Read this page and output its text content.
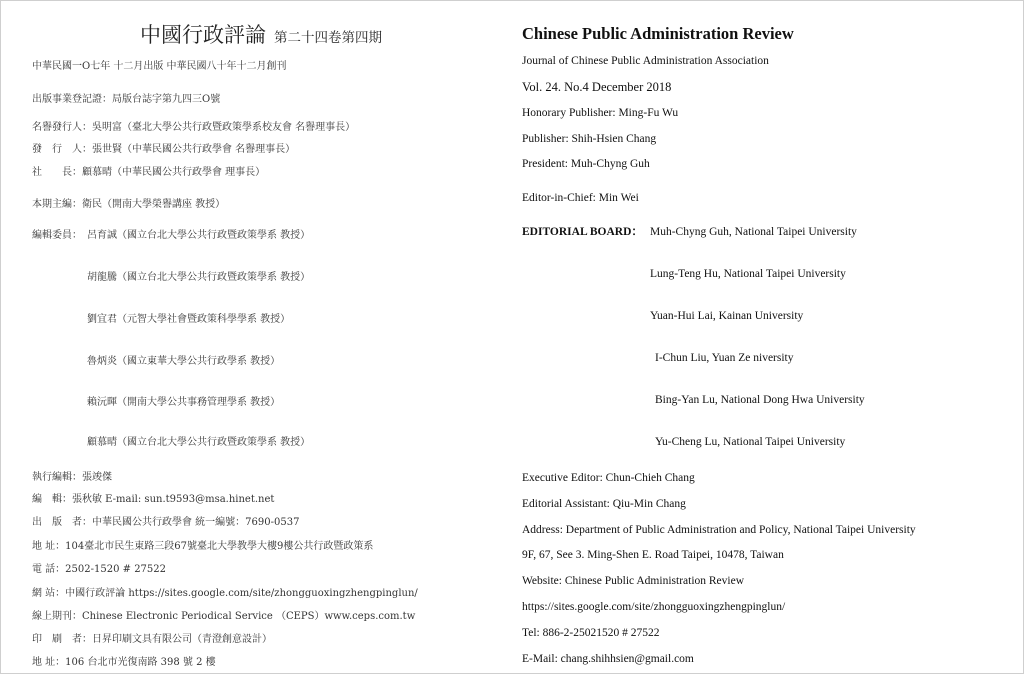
中國行政評論 第二十四卷第四期
中華民國一O七年 十二月出版 中華民國八十年十二月創刊
出版事業登記證：局版台誌字第九四三O號
名譽發行人：吳明富（臺北大學公共行政暨政策學系校友會 名譽理事長）
發　行　人：張世賢（中華民國公共行政學會 名譽理事長）
社　　長：顧慕晴（中華民國公共行政學會 理事長）
本期主編：衛民（開南大學榮譽講座 教授）
編輯委員： 呂育誠（國立台北大學公共行政暨政策學系 教授）
胡龍騰（國立台北大學公共行政暨政策學系 教授）
劉宜君（元智大學社會暨政策科學學系 教授）
魯炳炎（國立東華大學公共行政學系 教授）
賴沅暉（開南大學公共事務管理學系 教授）
顧慕晴（國立台北大學公共行政暨政策學系 教授）
執行編輯：張竣傑
編　輯：張秋敏 E-mail: sun.t9593@msa.hinet.net
出　版　者：中華民國公共行政學會 統一編號：7690-0537
地 址：104臺北市民生東路三段67號臺北大學教學大樓9樓公共行政暨政策系
電 話：2502-1520 # 27522
網 站：中國行政評論 https://sites.google.com/site/zhongguoxingzhengpinglun/
線上期刊：Chinese Electronic Periodical Service （CEPS）www.ceps.com.tw
印　刷　者：日昇印刷文具有限公司（青澄創意設計）
地 址：106 台北市光復南路 398 號 2 樓
Chinese Public Administration Review
Journal of Chinese Public Administration Association
Vol. 24. No.4 December 2018
Honorary Publisher: Ming-Fu Wu
Publisher: Shih-Hsien Chang
President: Muh-Chyng Guh
Editor-in-Chief: Min Wei
EDITORIAL BOARD： Muh-Chyng Guh, National Taipei University
Lung-Teng Hu, National Taipei University
Yuan-Hui Lai, Kainan University
I-Chun Liu, Yuan Ze niversity
Bing-Yan Lu, National Dong Hwa University
Yu-Cheng Lu, National Taipei University
Executive Editor: Chun-Chieh Chang
Editorial Assistant: Qiu-Min Chang
Address: Department of Public Administration and Policy, National Taipei University
9F, 67, See 3. Ming-Shen E. Road Taipei, 10478, Taiwan
Website: Chinese Public Administration Review
https://sites.google.com/site/zhongguoxingzhengpinglun/
Tel: 886-2-25021520 # 27522
E-Mail: chang.shihhsien@gmail.com
